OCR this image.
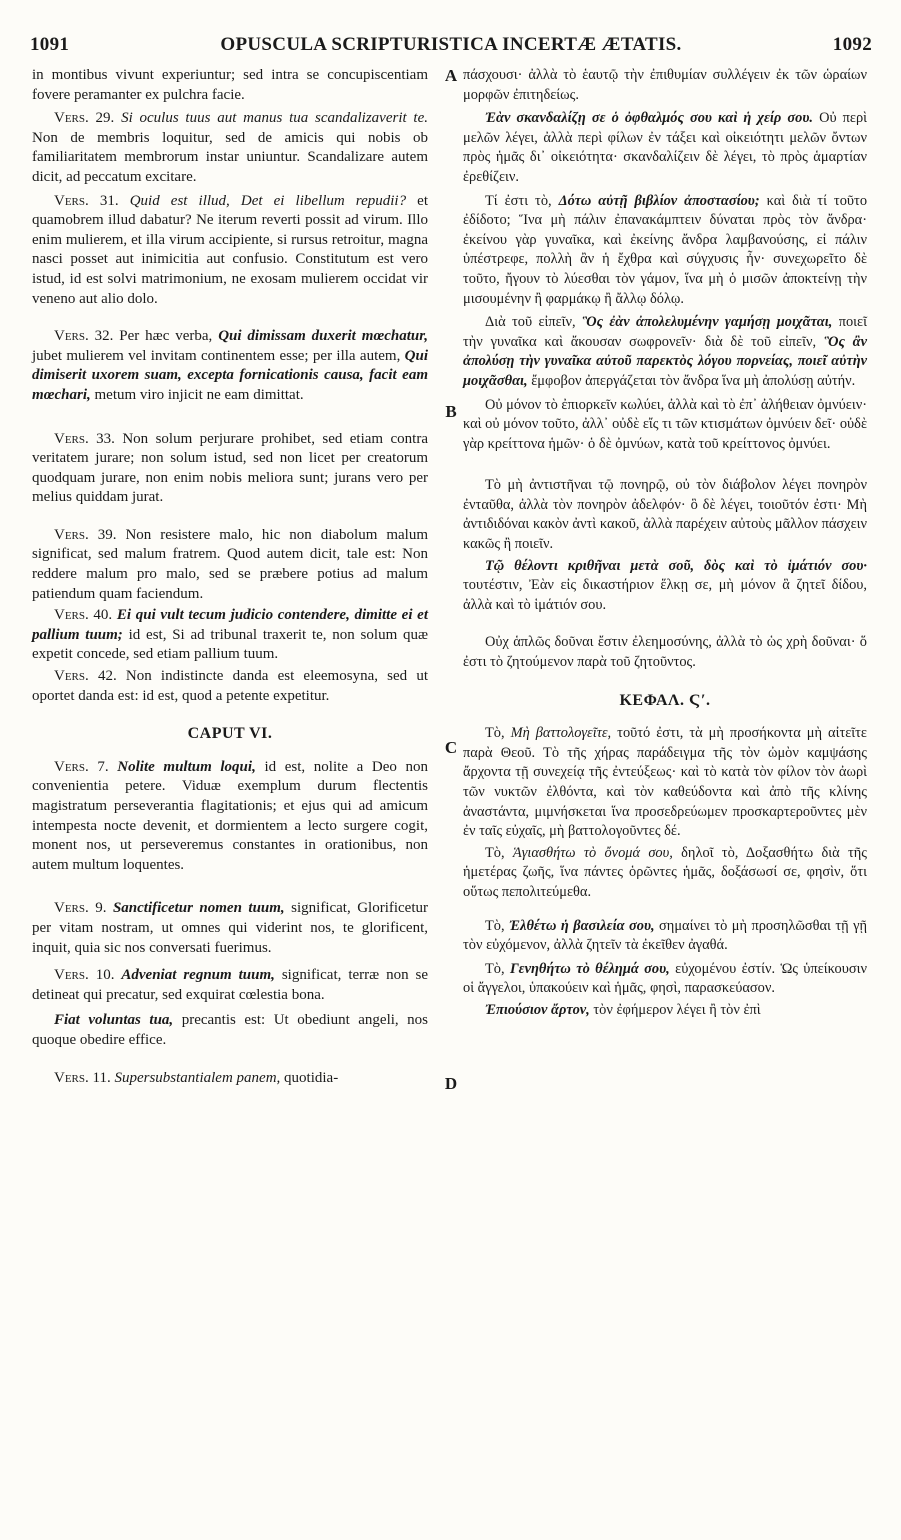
1091	OPUSCULA SCRIPTURISTICA INCERTÆ ÆTATIS.	1092
A
B
C
D

in montibus vivunt experiuntur; sed intra se concupiscentiam fovere peramanter ex pulchra facie.

Vers. 29. Si oculus tuus aut manus tua scandalizaverit te. Non de membris loquitur, sed de amicis qui nobis ob familiaritatem membrorum instar uniuntur. Scandalizare autem dicit, ad peccatum excitare.

Vers. 31. Quid est illud, Det ei libellum repudii? et quamobrem illud dabatur? Ne iterum reverti possit ad virum. Illo enim mulierem, et illa virum accipiente, si rursus retroitur, magna nasci posset aut inimicitia aut confusio. Constitutum est vero istud, id est solvi matrimonium, ne exosam mulierem occidat vir veneno aut alio dolo.

Vers. 32. Per hæc verba, Qui dimissam duxerit mœchatur, jubet mulierem vel invitam continentem esse; per illa autem, Qui dimiserit uxorem suam, excepta fornicationis causa, facit eam mœchari, metum viro injicit ne eam dimittat.

Vers. 33. Non solum perjurare prohibet, sed etiam contra veritatem jurare; non solum istud, sed non licet per creatorum quodquam jurare, non enim nobis meliora sunt; jurans vero per melius quiddam jurat.

Vers. 39. Non resistere malo, hic non diabolum malum significat, sed malum fratrem. Quod autem dicit, tale est: Non reddere malum pro malo, sed se præbere potius ad malum patiendum quam faciendum.

Vers. 40. Ei qui vult tecum judicio contendere, dimitte ei et pallium tuum; id est, Si ad tribunal traxerit te, non solum quæ expetit concede, sed etiam pallium tuum.

Vers. 42. Non indistincte danda est eleemosyna, sed ut oportet danda est: id est, quod a petente expetitur.

CAPUT VI.

Vers. 7. Nolite multum loqui, id est, nolite a Deo non convenientia petere. Viduæ exemplum durum flectentis magistratum perseverantia flagitationis; et ejus qui ad amicum intempesta nocte devenit, et dormientem a lecto surgere cogit, monent nos, ut perseveremus constantes in orationibus, non autem multum loquentes.

Vers. 9. Sanctificetur nomen tuum, significat, Glorificetur per vitam nostram, ut omnes qui viderint nos, te glorificent, inquit, quia sic nos conversati fuerimus.

Vers. 10. Adveniat regnum tuum, significat, terræ non se detineat qui precatur, sed exquirat cœlestia bona.

Fiat voluntas tua, precantis est: Ut obediunt angeli, nos quoque obedire effice.

Vers. 11. Supersubstantialem panem, quotidia-

πάσχουσι· ἀλλὰ τὸ ἑαυτῷ τὴν ἐπιθυμίαν συλλέγειν ἐκ τῶν ὡραίων μορφῶν ἐπιτηδείως.

Ἐὰν σκανδαλίζῃ σε ὁ ὀφθαλμός σου καὶ ἡ χείρ σου. Οὐ περὶ μελῶν λέγει, ἀλλὰ περὶ φίλων ἐν τάξει καὶ οἰκειότητι μελῶν ὄντων πρὸς ἡμᾶς δι᾽ οἰκειότητα· σκανδαλίζειν δὲ λέγει, τὸ πρὸς ἁμαρτίαν ἐρεθίζειν.

Τί ἐστι τὸ, Δότω αὐτῇ βιβλίον ἀποστασίου; καὶ διὰ τί τοῦτο ἐδίδοτο; Ἵνα μὴ πάλιν ἐπανακάμπτειν δύναται πρὸς τὸν ἄνδρα· ἐκείνου γὰρ γυναῖκα, καὶ ἐκείνης ἄνδρα λαμβανούσης, εἰ πάλιν ὑπέστρεφε, πολλὴ ἂν ἡ ἔχθρα καὶ σύγχυσις ἦν· συνεχωρεῖτο δὲ τοῦτο, ἤγουν τὸ λύεσθαι τὸν γάμον, ἵνα μὴ ὁ μισῶν ἀποκτείνῃ τὴν μισουμένην ἢ φαρμάκῳ ἢ ἄλλῳ δόλῳ.

Διὰ τοῦ εἰπεῖν, Ὃς ἐὰν ἀπολελυμένην γαμήσῃ μοιχᾶται, ποιεῖ τὴν γυναῖκα καὶ ἄκουσαν σωφρονεῖν· διὰ δὲ τοῦ εἰπεῖν, Ὃς ἂν ἀπολύσῃ τὴν γυναῖκα αὐτοῦ παρεκτὸς λόγου πορνείας, ποιεῖ αὐτὴν μοιχᾶσθαι, ἔμφοβον ἀπεργάζεται τὸν ἄνδρα ἵνα μὴ ἀπολύσῃ αὐτήν.

Οὐ μόνον τὸ ἐπιορκεῖν κωλύει, ἀλλὰ καὶ τὸ ἐπ᾽ ἀλήθειαν ὀμνύειν· καὶ οὐ μόνον τοῦτο, ἀλλ᾽ οὐδὲ εἴς τι τῶν κτισμάτων ὀμνύειν δεῖ· οὐδὲ γὰρ κρείττονα ἡμῶν· ὁ δὲ ὀμνύων, κατὰ τοῦ κρείττονος ὀμνύει.

Τὸ μὴ ἀντιστῆναι τῷ πονηρῷ, οὐ τὸν διάβολον λέγει πονηρὸν ἐνταῦθα, ἀλλὰ τὸν πονηρὸν ἀδελφόν· ὃ δὲ λέγει, τοιοῦτόν ἐστι· Μὴ ἀντιδιδόναι κακὸν ἀντὶ κακοῦ, ἀλλὰ παρέχειν αὐτοὺς μᾶλλον πάσχειν κακῶς ἢ ποιεῖν.

Τῷ θέλοντι κριθῆναι μετὰ σοῦ, δὸς καὶ τὸ ἱμάτιόν σου· τουτέστιν, Ἐὰν εἰς δικαστήριον ἕλκῃ σε, μὴ μόνον ἃ ζητεῖ δίδου, ἀλλὰ καὶ τὸ ἱμάτιόν σου.

Οὐχ ἁπλῶς δοῦναι ἔστιν ἐλεημοσύνης, ἀλλὰ τὸ ὡς χρὴ δοῦναι· ὅ ἐστι τὸ ζητούμενον παρὰ τοῦ ζητοῦντος.

ΚΕΦΑΛ. Ϛ′.

Τὸ, Μὴ βαττολογεῖτε, τοῦτό ἐστι, τὰ μὴ προσήκοντα μὴ αἰτεῖτε παρὰ Θεοῦ. Τὸ τῆς χήρας παράδειγμα τῆς τὸν ὠμὸν καμψάσης ἄρχοντα τῇ συνεχείᾳ τῆς ἐντεύξεως· καὶ τὸ κατὰ τὸν φίλον τὸν ἀωρὶ τῶν νυκτῶν ἐλθόντα, καὶ τὸν καθεύδοντα καὶ ἀπὸ τῆς κλίνης ἀναστάντα, μιμνήσκεται ἵνα προσεδρεύωμεν προσκαρτεροῦντες μὲν ἐν ταῖς εὐχαῖς, μὴ βαττολογοῦντες δέ.

Τὸ, Ἁγιασθήτω τὸ ὄνομά σου, δηλοῖ τὸ, Δοξασθήτω διὰ τῆς ἡμετέρας ζωῆς, ἵνα πάντες ὁρῶντες ἡμᾶς, δοξάσωσί σε, φησὶν, ὅτι οὕτως πεπολιτεύμεθα.

Τὸ, Ἐλθέτω ἡ βασιλεία σου, σημαίνει τὸ μὴ προσηλῶσθαι τῇ γῇ τὸν εὐχόμενον, ἀλλὰ ζητεῖν τὰ ἐκεῖθεν ἀγαθά.

Τὸ, Γενηθήτω τὸ θέλημά σου, εὐχομένου ἐστίν. Ὡς ὑπείκουσιν οἱ ἄγγελοι, ὑπακούειν καὶ ἡμᾶς, φησὶ, παρασκεύασον.

Ἐπιούσιον ἄρτον, τὸν ἐφήμερον λέγει ἢ τὸν ἐπὶ
